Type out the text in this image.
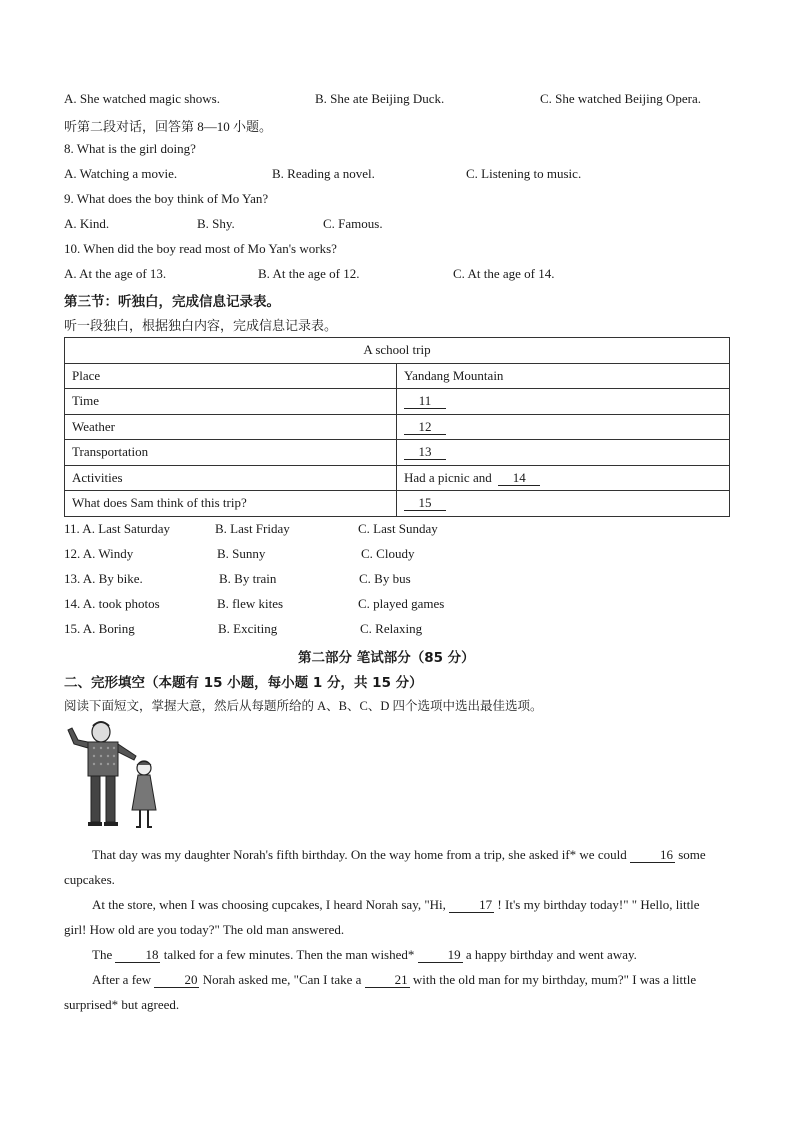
A. She watched magic shows.	B. She ate Beijing Duck.	C. She watched Beijing Opera.
听第二段对话，回答第 8—10 小题。
8. What is the girl doing?
A. Watching a movie.	B. Reading a novel.	C. Listening to music.
9. What does the boy think of Mo Yan?
A. Kind.	B. Shy.	C. Famous.
10. When did the boy read most of Mo Yan's works?
A. At the age of 13.	B. At the age of 12.	C. At the age of 14.
第三节：听独白，完成信息记录表。
听一段独白，根据独白内容，完成信息记录表。
A school trip	
Place	Yandang Mountain
Time	11
Weather	12
Transportation	13
Activities	Had a picnic and 14
What does Sam think of this trip?	15
11. A. Last Saturday	B. Last Friday	C. Last Sunday
12. A. Windy	B. Sunny	C. Cloudy
13. A. By bike.	B. By train	C. By bus
14. A. took photos	B. flew kites	C. played games
15. A. Boring	B. Exciting	C. Relaxing
第二部分 笔试部分（85 分）
二、完形填空（本题有 15 小题，每小题 1 分，共 15 分）
阅读下面短文，掌握大意，然后从每题所给的 A、B、C、D 四个选项中选出最佳选项。
That day was my daughter Norah's fifth birthday. On the way home from a trip, she asked if* we could	16 some cupcakes.
At the store, when I was choosing cupcakes, I heard Norah say, "Hi,	17 ! It's my birthday today!" " Hello, little girl! How old are you today?" The old man answered.
The	18 talked for a few minutes. Then the man wished*	19 a happy birthday and went away.
After a few	20 Norah asked me, "Can I take a	21 with the old man for my birthday, mum?" I was a little surprised* but agreed.
